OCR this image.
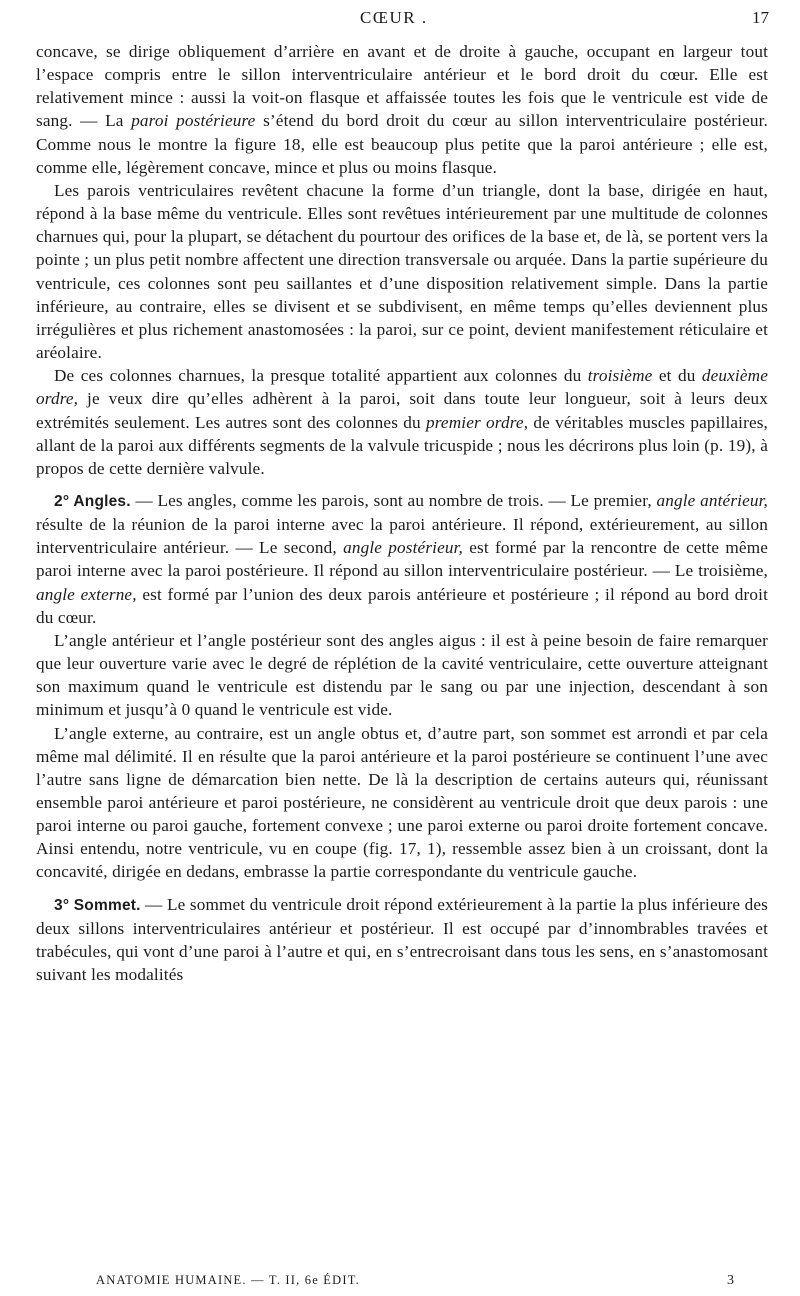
CŒUR .	17

concave, se dirige obliquement d’arrière en avant et de droite à gauche, occupant en largeur tout l’espace compris entre le sillon interventriculaire antérieur et le bord droit du cœur. Elle est relativement mince : aussi la voit-on flasque et affaissée toutes les fois que le ventricule est vide de sang. — La paroi postérieure s’étend du bord droit du cœur au sillon interventriculaire postérieur. Comme nous le montre la figure 18, elle est beaucoup plus petite que la paroi antérieure ; elle est, comme elle, légèrement concave, mince et plus ou moins flasque.

Les parois ventriculaires revêtent chacune la forme d’un triangle, dont la base, dirigée en haut, répond à la base même du ventricule. Elles sont revêtues intérieurement par une multitude de colonnes charnues qui, pour la plupart, se détachent du pourtour des orifices de la base et, de là, se portent vers la pointe ; un plus petit nombre affectent une direction transversale ou arquée. Dans la partie supérieure du ventricule, ces colonnes sont peu saillantes et d’une disposition relativement simple. Dans la partie inférieure, au contraire, elles se divisent et se subdivisent, en même temps qu’elles deviennent plus irrégulières et plus richement anastomosées : la paroi, sur ce point, devient manifestement réticulaire et aréolaire.

De ces colonnes charnues, la presque totalité appartient aux colonnes du troisième et du deuxième ordre, je veux dire qu’elles adhèrent à la paroi, soit dans toute leur longueur, soit à leurs deux extrémités seulement. Les autres sont des colonnes du premier ordre, de véritables muscles papillaires, allant de la paroi aux différents segments de la valvule tricuspide ; nous les décrirons plus loin (p. 19), à propos de cette dernière valvule.

2° Angles. — Les angles, comme les parois, sont au nombre de trois. — Le premier, angle antérieur, résulte de la réunion de la paroi interne avec la paroi antérieure. Il répond, extérieurement, au sillon interventriculaire antérieur. — Le second, angle postérieur, est formé par la rencontre de cette même paroi interne avec la paroi postérieure. Il répond au sillon interventriculaire postérieur. — Le troisième, angle externe, est formé par l’union des deux parois antérieure et postérieure ; il répond au bord droit du cœur.

L’angle antérieur et l’angle postérieur sont des angles aigus : il est à peine besoin de faire remarquer que leur ouverture varie avec le degré de réplétion de la cavité ventriculaire, cette ouverture atteignant son maximum quand le ventricule est distendu par le sang ou par une injection, descendant à son minimum et jusqu’à 0 quand le ventricule est vide.

L’angle externe, au contraire, est un angle obtus et, d’autre part, son sommet est arrondi et par cela même mal délimité. Il en résulte que la paroi antérieure et la paroi postérieure se continuent l’une avec l’autre sans ligne de démarcation bien nette. De là la description de certains auteurs qui, réunissant ensemble paroi antérieure et paroi postérieure, ne considèrent au ventricule droit que deux parois : une paroi interne ou paroi gauche, fortement convexe ; une paroi externe ou paroi droite fortement concave. Ainsi entendu, notre ventricule, vu en coupe (fig. 17, 1), ressemble assez bien à un croissant, dont la concavité, dirigée en dedans, embrasse la partie correspondante du ventricule gauche.

3° Sommet. — Le sommet du ventricule droit répond extérieurement à la partie la plus inférieure des deux sillons interventriculaires antérieur et postérieur. Il est occupé par d’innombrables travées et trabécules, qui vont d’une paroi à l’autre et qui, en s’entrecroisant dans tous les sens, en s’anastomosant suivant les modalités

ANATOMIE HUMAINE. — T. II, 6e ÉDIT.	3
